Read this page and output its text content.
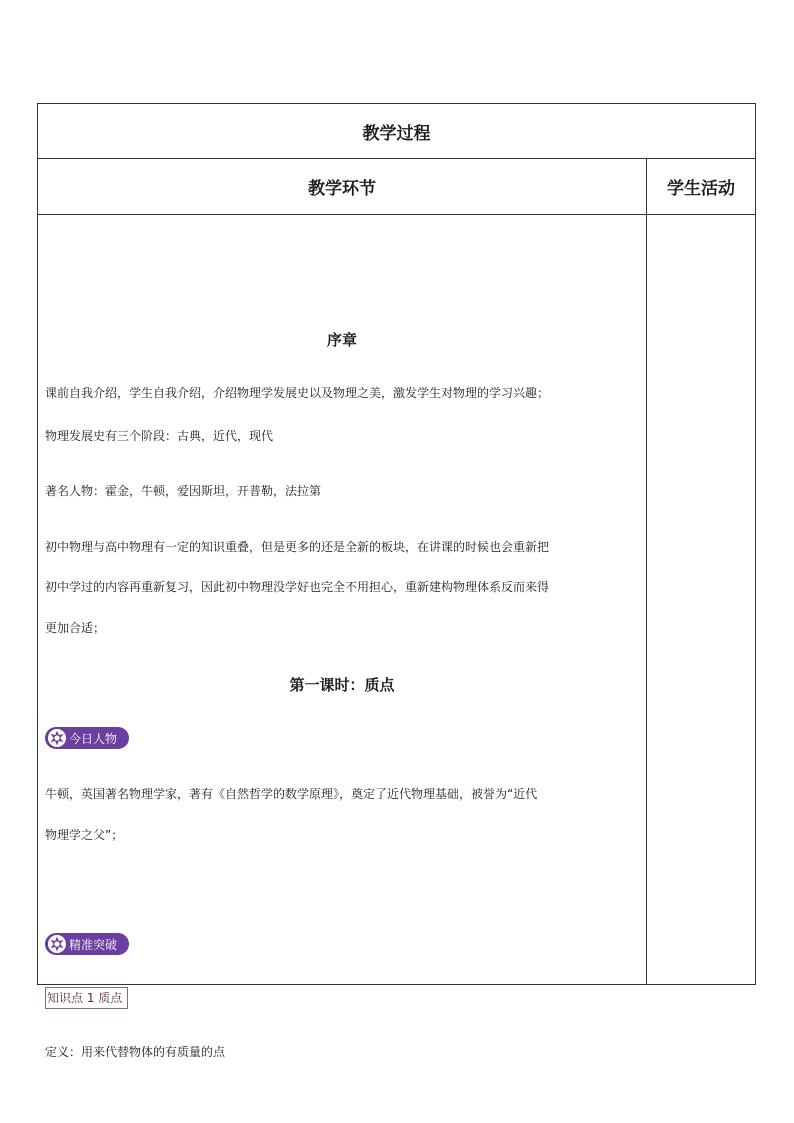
教学过程
教学环节	学生活动
序章
课前自我介绍，学生自我介绍，介绍物理学发展史以及物理之美，激发学生对物理的学习兴趣；
物理发展史有三个阶段：古典，近代，现代
著名人物：霍金，牛顿，爱因斯坦，开普勒，法拉第
初中物理与高中物理有一定的知识重叠，但是更多的还是全新的板块，在讲课的时候也会重新把
初中学过的内容再重新复习，因此初中物理没学好也完全不用担心，重新建构物理体系反而来得
更加合适；
第一课时：质点
今日人物
牛顿，英国著名物理学家，著有《自然哲学的数学原理》，奠定了近代物理基础，被誉为“近代
物理学之父”；
精准突破
知识点 1 质点
定义：用来代替物体的有质量的点
